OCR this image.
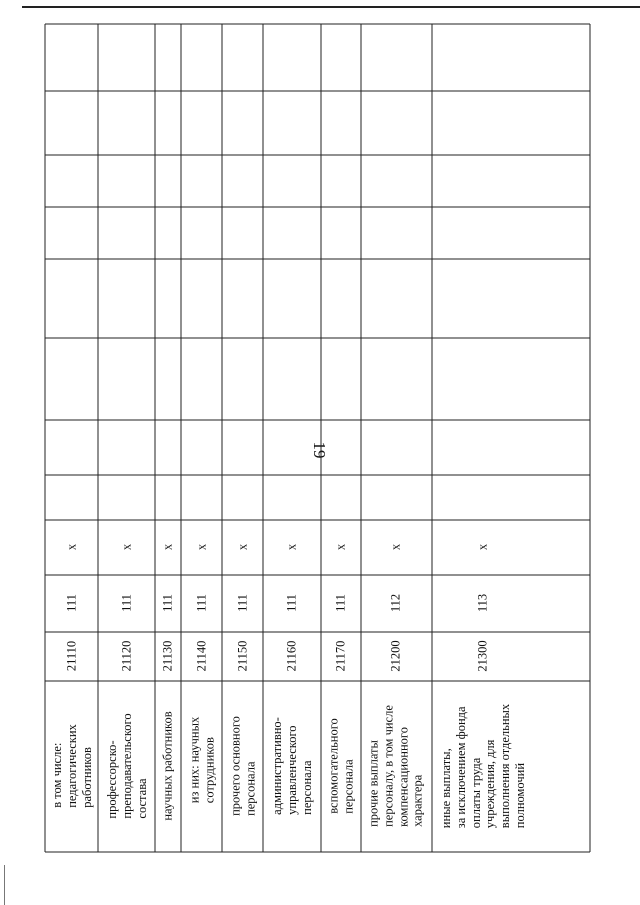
19
в том числе:
педагогических
работников
21110
111
x
профессорско-
преподавательского
состава
21120
111
x
научных работников
21130
111
x
из них: научных
сотрудников
21140
111
x
прочего основного
персонала
21150
111
x
административно-
управленческого
персонала
21160
111
x
вспомогательного
персонала
21170
111
x
прочие выплаты
персоналу, в том числе
компенсационного
характера
21200
112
x
иные выплаты,
за исключением фонда
оплаты труда
учреждения, для
выполнения отдельных
полномочий
21300
113
x
